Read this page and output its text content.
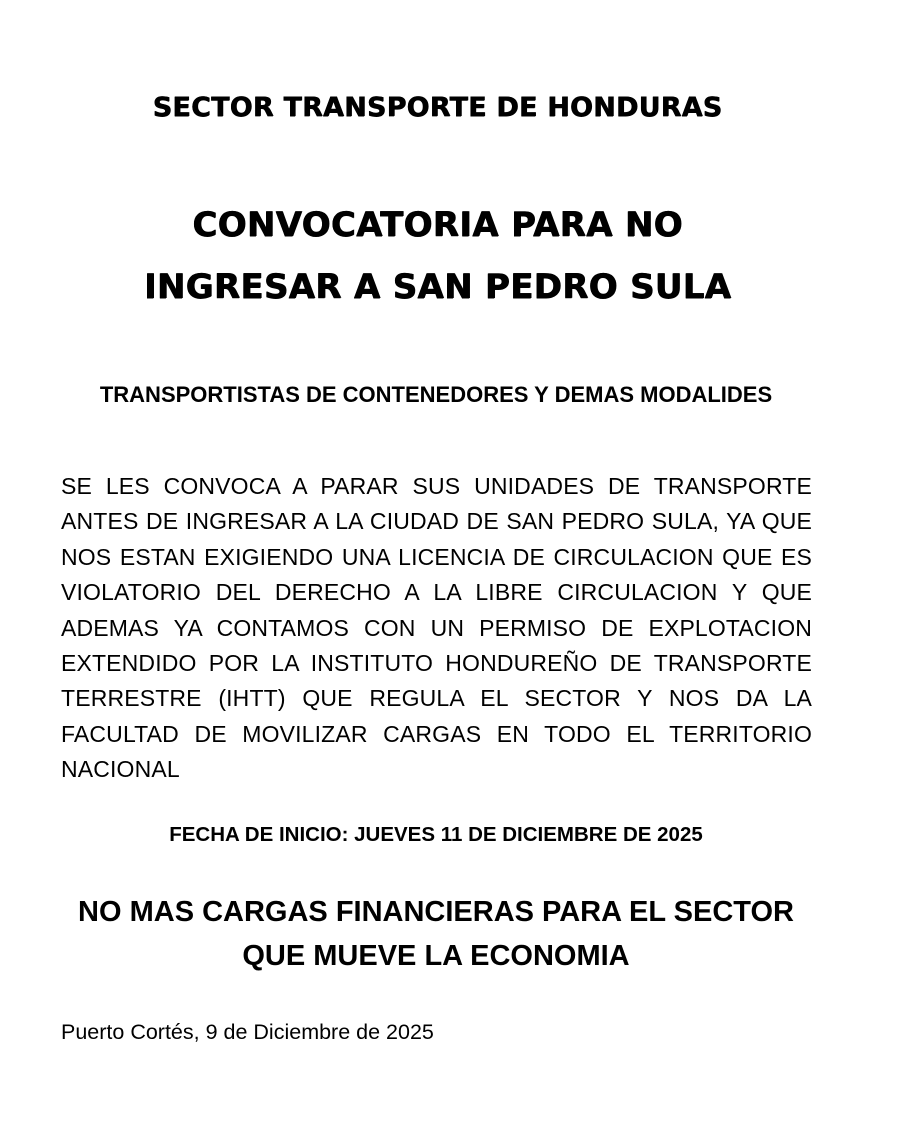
SECTOR TRANSPORTE DE HONDURAS
CONVOCATORIA PARA NO
INGRESAR A SAN PEDRO SULA
TRANSPORTISTAS DE CONTENEDORES Y DEMAS MODALIDES
SE LES CONVOCA A PARAR SUS UNIDADES DE TRANSPORTE ANTES DE INGRESAR A LA CIUDAD DE SAN PEDRO SULA, YA QUE NOS ESTAN EXIGIENDO UNA LICENCIA DE CIRCULACION QUE ES VIOLATORIO DEL DERECHO A LA LIBRE CIRCULACION Y QUE ADEMAS YA CONTAMOS CON UN PERMISO DE EXPLOTACION EXTENDIDO POR LA INSTITUTO HONDUREÑO DE TRANSPORTE TERRESTRE (IHTT) QUE REGULA EL SECTOR Y NOS DA LA FACULTAD DE MOVILIZAR CARGAS EN TODO EL TERRITORIO NACIONAL
FECHA DE INICIO: JUEVES 11 DE DICIEMBRE DE 2025
NO MAS CARGAS FINANCIERAS PARA EL SECTOR
QUE MUEVE LA ECONOMIA
Puerto Cortés, 9 de Diciembre de 2025
